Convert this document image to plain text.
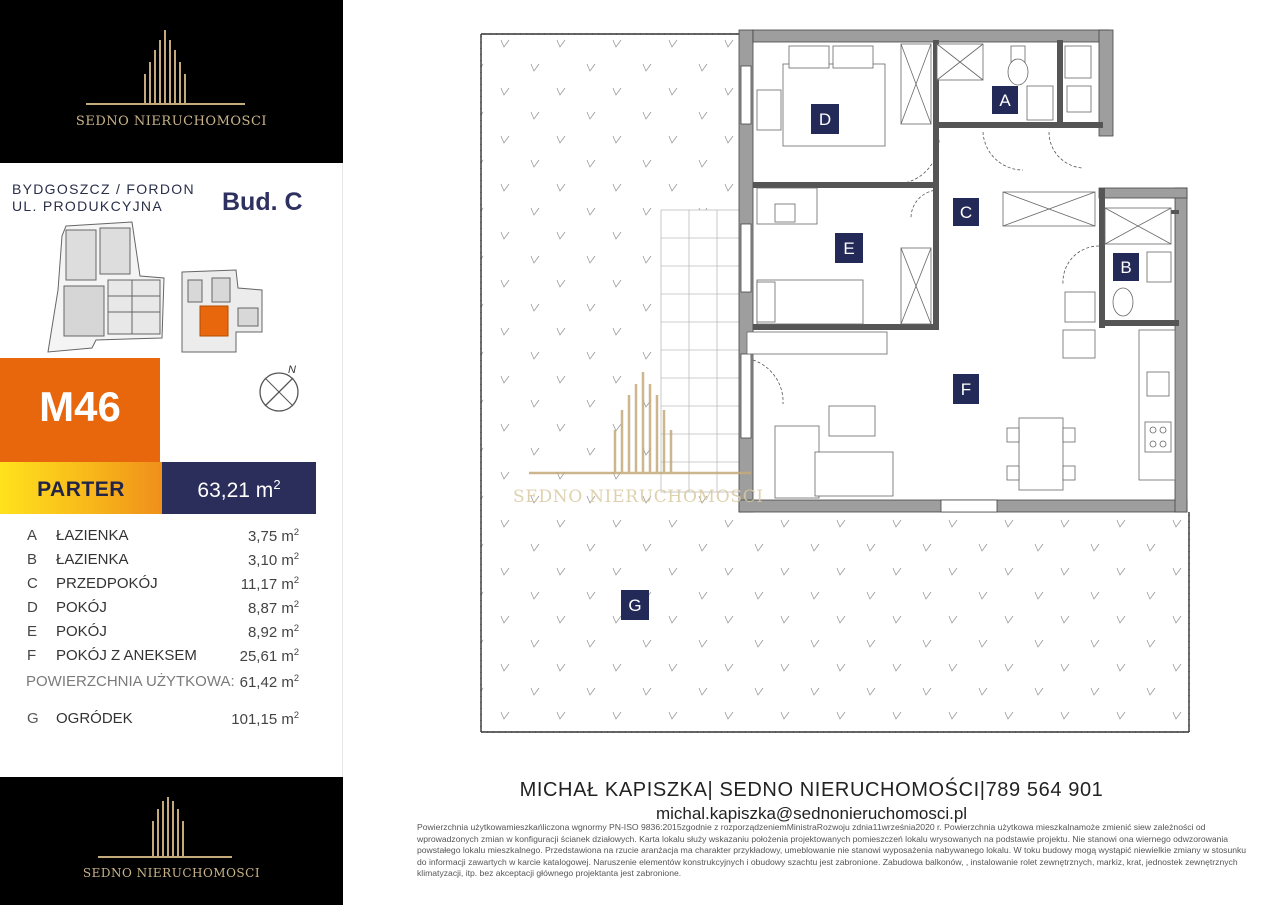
SEDNO NIERUCHOMOSCI
BYDGOSZCZ / FORDON
UL. PRODUKCYJNA	Bud. C
M46
N
PARTER	63,21 $m^2$
A ŁAZIENKA	3,75 $m^2$
B ŁAZIENKA	3,10 $m^2$
C PRZEDPOKÓJ	11,17 $m^2$
D POKÓJ	8,87 $m^2$
E POKÓJ	8,92 $m^2$
F POKÓJ Z ANEKSEM	25,61 $m^2$
POWIERZCHNIA UŻYTKOWA: 61,42 $m^2$
G OGRÓDEK	101,15 $m^2$
SEDNO NIERUCHOMOSCI
A
B
C
D
E
F
G
SEDNO NIERUCHOMOSCI
MICHAŁ KAPISZKA| SEDNO NIERUCHOMOŚCI|789 564 901
michal.kapiszka@sednonieruchomosci.pl
Powierzchnia użytkowamieszkańliczona wgnormy PN-ISO 9836:2015zgodnie z rozporządzeniemMinistraRozwoju zdnia11września2020 r. Powierzchnia użytkowa mieszkalnamoże zmienić siew zależności od wprowadzonych zmian w konfiguracji ścianek działowych. Karta lokalu służy wskazaniu położenia projektowanych pomieszczeń lokalu wrysowanych na podstawie projektu. Nie stanowi ona wiernego odwzorowania powstałego lokalu mieszkalnego. Przedstawiona na rzucie aranżacja ma charakter przykładowy, umeblowanie nie stanowi wyposażenia nabywanego lokalu. W toku budowy mogą wystąpić niewielkie zmiany w stosunku do informacji zawartych w karcie katalogowej. Naruszenie elementów konstrukcyjnych i obudowy szachtu jest zabronione. Zabudowa balkonów, , instalowanie rolet zewnętrznych, markiz, krat, jednostek zewnętrznych klimatyzacji, itp. bez akceptacji głównego projektanta jest zabronione.
